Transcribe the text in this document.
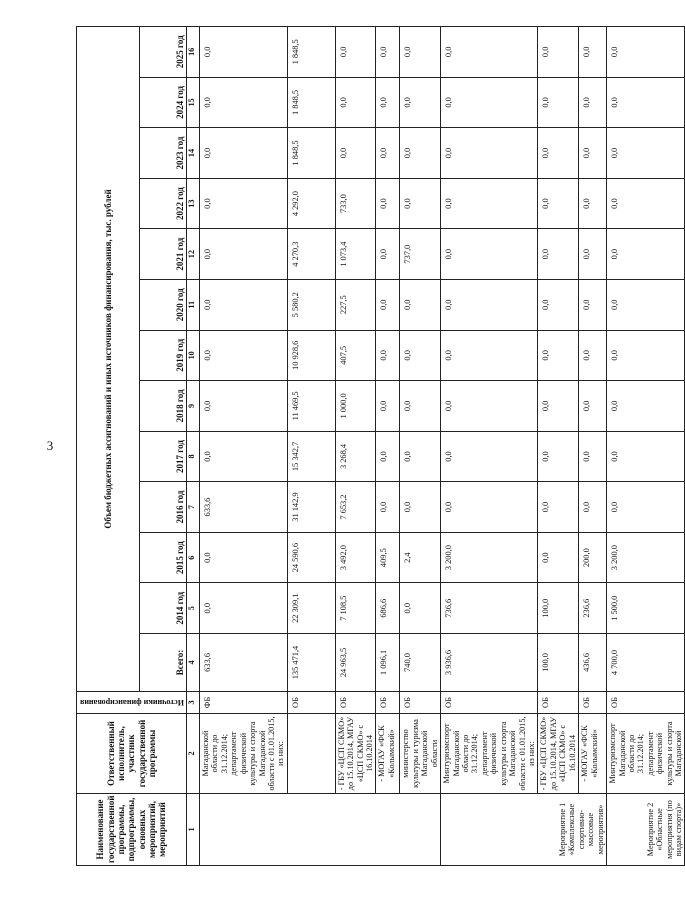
3
Наименование государственной программы, подпрограммы, основных мероприятий, мероприятий	Ответственный исполнитель, участник государственной программы	Источники финансирования	Объем бюджетных ассигнований и иных источников финансирования, тыс. рублей												
			Всего:	2014 год	2015 год	2016 год	2017 год	2018 год	2019 год	2020 год	2021 год	2022 год	2023 год	2024 год	2025 год
1	2	3	4	5	6	7	8	9	10	11	12	13	14	15	16
	Магаданской области до 31.12.2014; департамент физической культуры и спорта Магаданской области с 01.01.2015, из них:	ФБ	633,6	0,0	0,0	633,6	0,0	0,0	0,0	0,0	0,0	0,0	0,0	0,0	0,0
		ОБ	135 471,4	22 309,1	24 590,6	31 142,9	15 342,7	11 469,5	10 928,6	5 580,2	4 270,3	4 292,0	1 848,5	1 848,5	1 848,5
	- ГБУ «ЦСП СКМО» до 15.10.2014, МГАУ «ЦСП СКМО» с 16.10.2014	ОБ	24 963,5	7 108,5	3 492,0	7 653,2	3 268,4	1 000,0	407,5	227,5	1 073,4	733,0	0,0	0,0	0,0
	- МОГАУ «ФСК «Колымский»	ОБ	1 096,1	686,6	409,5	0,0	0,0	0,0	0,0	0,0	0,0	0,0	0,0	0,0	0,0
	министерство культуры и туризма Магаданской области	ОБ	740,0	0,0	2,4	0,0	0,0	0,0	0,0	0,0	737,0	0,0	0,0	0,0	0,0
Мероприятие 1 «Комплексные спортивно-массовые мероприятия»	Минтуризмспорт Магаданской области до 31.12.2014; департамент физической культуры и спорта Магаданской области с 01.01.2015, из них:	ОБ	3 936,6	736,6	3 200,0	0,0	0,0	0,0	0,0	0,0	0,0	0,0	0,0	0,0	0,0
	- ГБУ «ЦСП СКМО» до 15.10.2014, МГАУ «ЦСП СКМО» с 16.10.2014	ОБ	100,0	100,0	0,0	0,0	0,0	0,0	0,0	0,0	0,0	0,0	0,0	0,0	0,0
	- МОГАУ «ФСК «Колымский»	ОБ	436,6	236,6	200,0	0,0	0,0	0,0	0,0	0,0	0,0	0,0	0,0	0,0	0,0
Мероприятие 2 «Областные мероприятия (по видам спорта)»	Минтуризмспорт Магаданской области до 31.12.2014; департамент физической культуры и спорта Магаданской	ОБ	4 700,0	1 500,0	3 200,0	0,0	0,0	0,0	0,0	0,0	0,0	0,0	0,0	0,0	0,0
